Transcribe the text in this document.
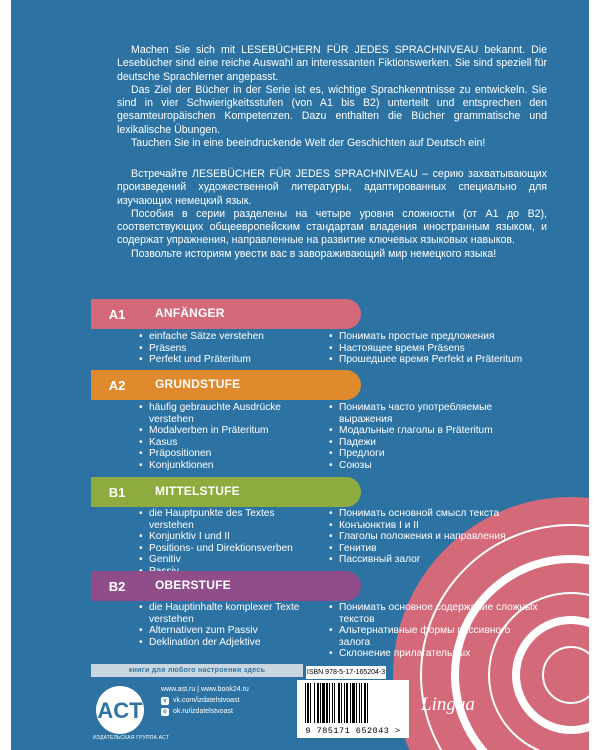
Machen Sie sich mit LESEBÜCHERN FÜR JEDES SPRACHNIVEAU bekannt. Die Lesebücher sind eine reiche Auswahl an interessanten Fiktionswerken. Sie sind speziell für deutsche Sprachlerner angepasst.

Das Ziel der Bücher in der Serie ist es, wichtige Sprachkenntnisse zu entwickeln. Sie sind in vier Schwierigkeitsstufen (von A1 bis B2) unterteilt und entsprechen den gesamteuropäischen Kompetenzen. Dazu enthalten die Bücher grammatische und lexikalische Übungen.

Tauchen Sie in eine beeindruckende Welt der Geschichten auf Deutsch ein!

Встречайте ЛЕSEBÜCHER FÜR JEDES SPRACHNIVEAU – серию захватывающих произведений художественной литературы, адаптированных специально для изучающих немецкий язык.

Пособия в серии разделены на четыре уровня сложности (от А1 до В2), соответствующих общеевропейским стандартам владения иностранным языком, и содержат упражнения, направленные на развитие ключевых языковых навыков.

Позвольте историям увести вас в завораживающий мир немецкого языка!

A1	ANFÄNGER
• einfache Sätze verstehen
• Präsens
• Perfekt und Präteritum
• Понимать простые предложения
• Настоящее время Präsens
• Прошедшее время Perfekt и Präteritum
A2	GRUNDSTUFE
• häufig gebrauchte Ausdrücke verstehen
• Modalverben in Präteritum
• Kasus
• Präpositionen
• Konjunktionen
• Понимать часто употребляемые выражения
• Модальные глаголы в Präteritum
• Падежи
• Предлоги
• Союзы
B1	MITTELSTUFE
• die Hauptpunkte des Textes verstehen
• Konjunktiv I und II
• Positions- und Direktionsverben
• Genitiv
•
• Понимать основной смысл текста
• Конъюнктив I и II
• Глаголы положения и направления
• Генитив
• Пассивный залог
B2	OBERSTUFE
• die Hauptinhalte komplexer Texte verstehen
• Alternativen zum Passiv
• Deklination der Adjektive
• Понимать основное содержание сложных текстов
• Альтернативные формы пассивного залога
• Склонение прилагательных
книги для любого настроения здесь
ACT
ИЗДАТЕЛЬСКАЯ ГРУППА АСТ
www.ast.ru | www.book24.ru
v vk.com/izdatelstvoast
o ok.ru/izdatelstvoast
ISBN 978-5-17-165204-3
9 785171 652043 >
Lingua
